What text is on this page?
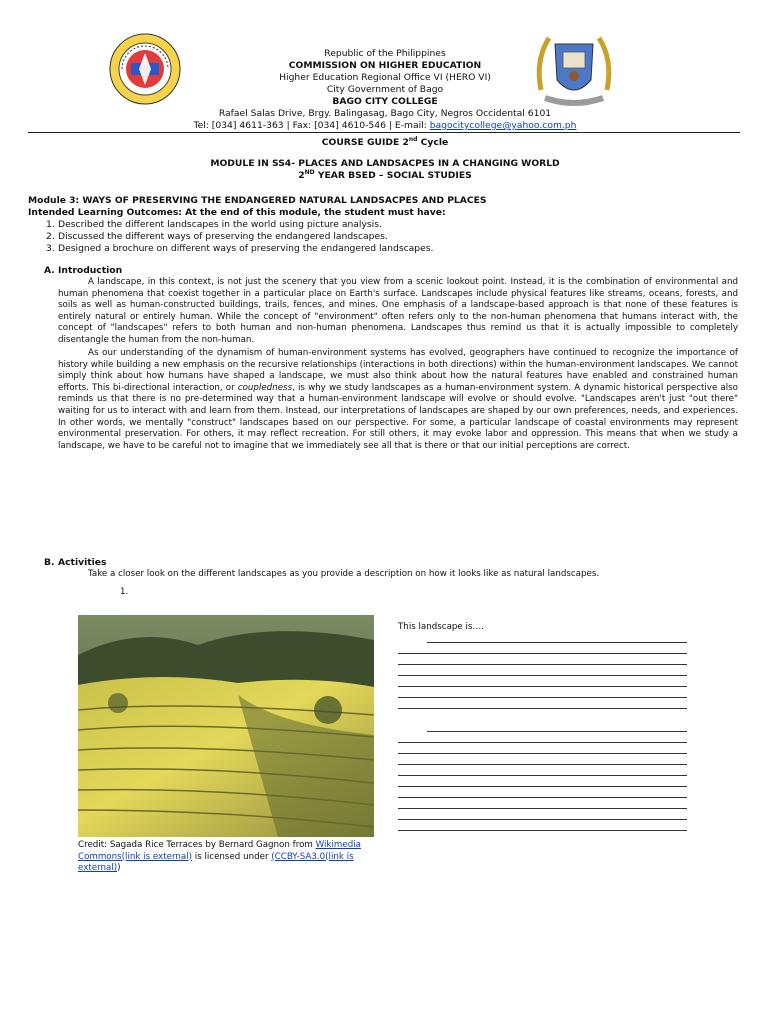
Republic of the Philippines
COMMISSION ON HIGHER EDUCATION
Higher Education Regional Office VI (HERO VI)
City Government of Bago
BAGO CITY COLLEGE
Rafael Salas Drive, Brgy. Balingasag, Bago City, Negros Occidental 6101
Tel: [034] 4611-363 | Fax: [034] 4610-546 | E-mail: bagocitycollege@yahoo.com.ph
COURSE GUIDE 2nd Cycle
MODULE IN SS4- PLACES AND LANDSACPES IN A CHANGING WORLD
2ND YEAR BSED – SOCIAL STUDIES
Module 3: WAYS OF PRESERVING THE ENDANGERED NATURAL LANDSACPES AND PLACES
Intended Learning Outcomes: At the end of this module, the student must have:
1. Described the different landscapes in the world using picture analysis.
2. Discussed the different ways of preserving the endangered landscapes.
3. Designed a brochure on different ways of preserving the endangered landscapes.
A. Introduction

A landscape, in this context, is not just the scenery that you view from a scenic lookout point. Instead, it is the combination of environmental and human phenomena that coexist together in a particular place on Earth's surface. Landscapes include physical features like streams, oceans, forests, and soils as well as human-constructed buildings, trails, fences, and mines. One emphasis of a landscape-based approach is that none of these features is entirely natural or entirely human. While the concept of "environment" often refers only to the non-human phenomena that humans interact with, the concept of "landscapes" refers to both human and non-human phenomena. Landscapes thus remind us that it is actually impossible to completely disentangle the human from the non-human.

As our understanding of the dynamism of human-environment systems has evolved, geographers have continued to recognize the importance of history while building a new emphasis on the recursive relationships (interactions in both directions) within the human-environment landscapes. We cannot simply think about how humans have shaped a landscape, we must also think about how the natural features have enabled and constrained human efforts. This bi-directional interaction, or coupledness, is why we study landscapes as a human-environment system. A dynamic historical perspective also reminds us that there is no pre-determined way that a human-environment landscape will evolve or should evolve. "Landscapes aren't just "out there" waiting for us to interact with and learn from them. Instead, our interpretations of landscapes are shaped by our own preferences, needs, and experiences. In other words, we mentally "construct" landscapes based on our perspective. For some, a particular landscape of coastal environments may represent environmental preservation. For others, it may reflect recreation. For still others, it may evoke labor and oppression. This means that when we study a landscape, we have to be careful not to imagine that we immediately see all that is there or that our initial perceptions are correct.

B. Activities
Take a closer look on the different landscapes as you provide a description on how it looks like as natural landscapes.
1.
Credit: Sagada Rice Terraces by Bernard Gagnon from Wikimedia Commons(link is external) is licensed under (CCBY-SA3.0(link is external))
This landscape is….
